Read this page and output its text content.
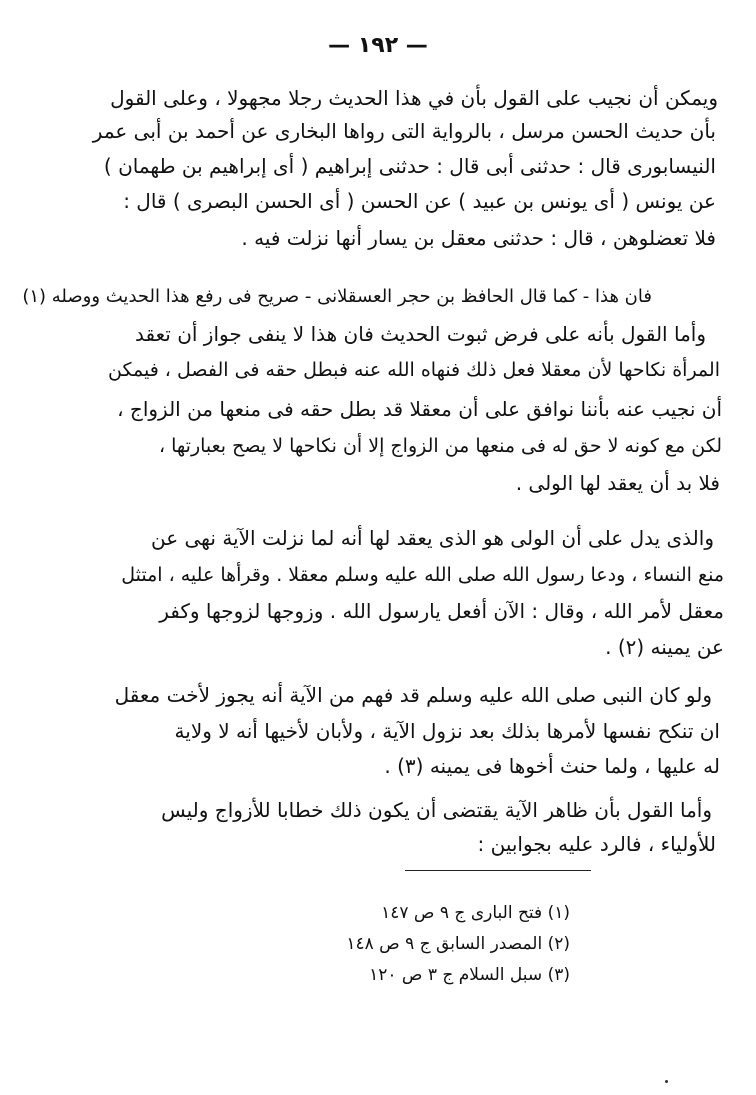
— ١٩٢ —
ويمكن أن نجيب على القول بأن في هذا الحديث رجلا مجهولا ، وعلى القول
بأن حديث الحسن مرسل ، بالرواية التى رواها البخارى عن أحمد بن أبى عمر
النيسابورى قال : حدثنى أبى قال : حدثنى إبراهيم ( أى إبراهيم بن طهمان )
عن يونس ( أى يونس بن عبيد ) عن الحسن ( أى الحسن البصرى ) قال :
فلا تعضلوهن ، قال : حدثنى معقل بن يسار أنها نزلت فيه .
فان هذا - كما قال الحافظ بن حجر العسقلانى - صريح فى رفع هذا الحديث ووصله (١)
وأما القول بأنه على فرض ثبوت الحديث فان هذا لا ينفى جواز أن تعقد
المرأة نكاحها لأن معقلا فعل ذلك فنهاه الله عنه فبطل حقه فى الفصل ، فيمكن
أن نجيب عنه بأننا نوافق على أن معقلا قد بطل حقه فى منعها من الزواج ،
لكن مع كونه لا حق له فى منعها من الزواج إلا أن نكاحها لا يصح بعبارتها ،
فلا بد أن يعقد لها الولى .
والذى يدل على أن الولى هو الذى يعقد لها أنه لما نزلت الآية نهى عن
منع النساء ، ودعا رسول الله صلى الله عليه وسلم معقلا . وقرأها عليه ، امتثل
معقل لأمر الله ، وقال : الآن أفعل يارسول الله . وزوجها لزوجها وكفر
عن يمينه (٢) .
ولو كان النبى صلى الله عليه وسلم قد فهم من الآية أنه يجوز لأخت معقل
ان تنكح نفسها لأمرها بذلك بعد نزول الآية ، ولأبان لأخيها أنه لا ولاية
له عليها ، ولما حنث أخوها فى يمينه (٣) .
وأما القول بأن ظاهر الآية يقتضى أن يكون ذلك خطابا للأزواج وليس
للأولياء ، فالرد عليه بجوابين :
(١) فتح البارى ج ٩ ص ١٤٧
(٢) المصدر السابق ج ٩ ص ١٤٨
(٣) سبل السلام ج ٣ ص ١٢٠
